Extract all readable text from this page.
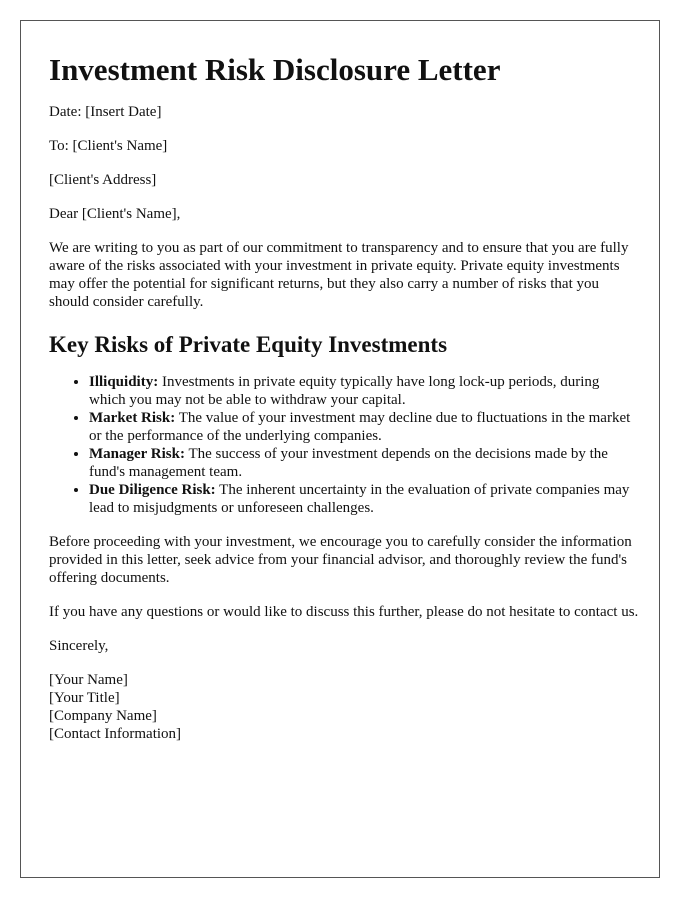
Investment Risk Disclosure Letter

Date: [Insert Date]

To: [Client's Name]

[Client's Address]

Dear [Client's Name],

We are writing to you as part of our commitment to transparency and to ensure that you are fully aware of the risks associated with your investment in private equity. Private equity investments may offer the potential for significant returns, but they also carry a number of risks that you should consider carefully.

Key Risks of Private Equity Investments
• Illiquidity: Investments in private equity typically have long lock-up periods, during which you may not be able to withdraw your capital.
• Market Risk: The value of your investment may decline due to fluctuations in the market or the performance of the underlying companies.
• Manager Risk: The success of your investment depends on the decisions made by the fund's management team.
• Due Diligence Risk: The inherent uncertainty in the evaluation of private companies may lead to misjudgments or unforeseen challenges.

Before proceeding with your investment, we encourage you to carefully consider the information provided in this letter, seek advice from your financial advisor, and thoroughly review the fund's offering documents.

If you have any questions or would like to discuss this further, please do not hesitate to contact us.

Sincerely,

[Your Name]
[Your Title]
[Company Name]
[Contact Information]
